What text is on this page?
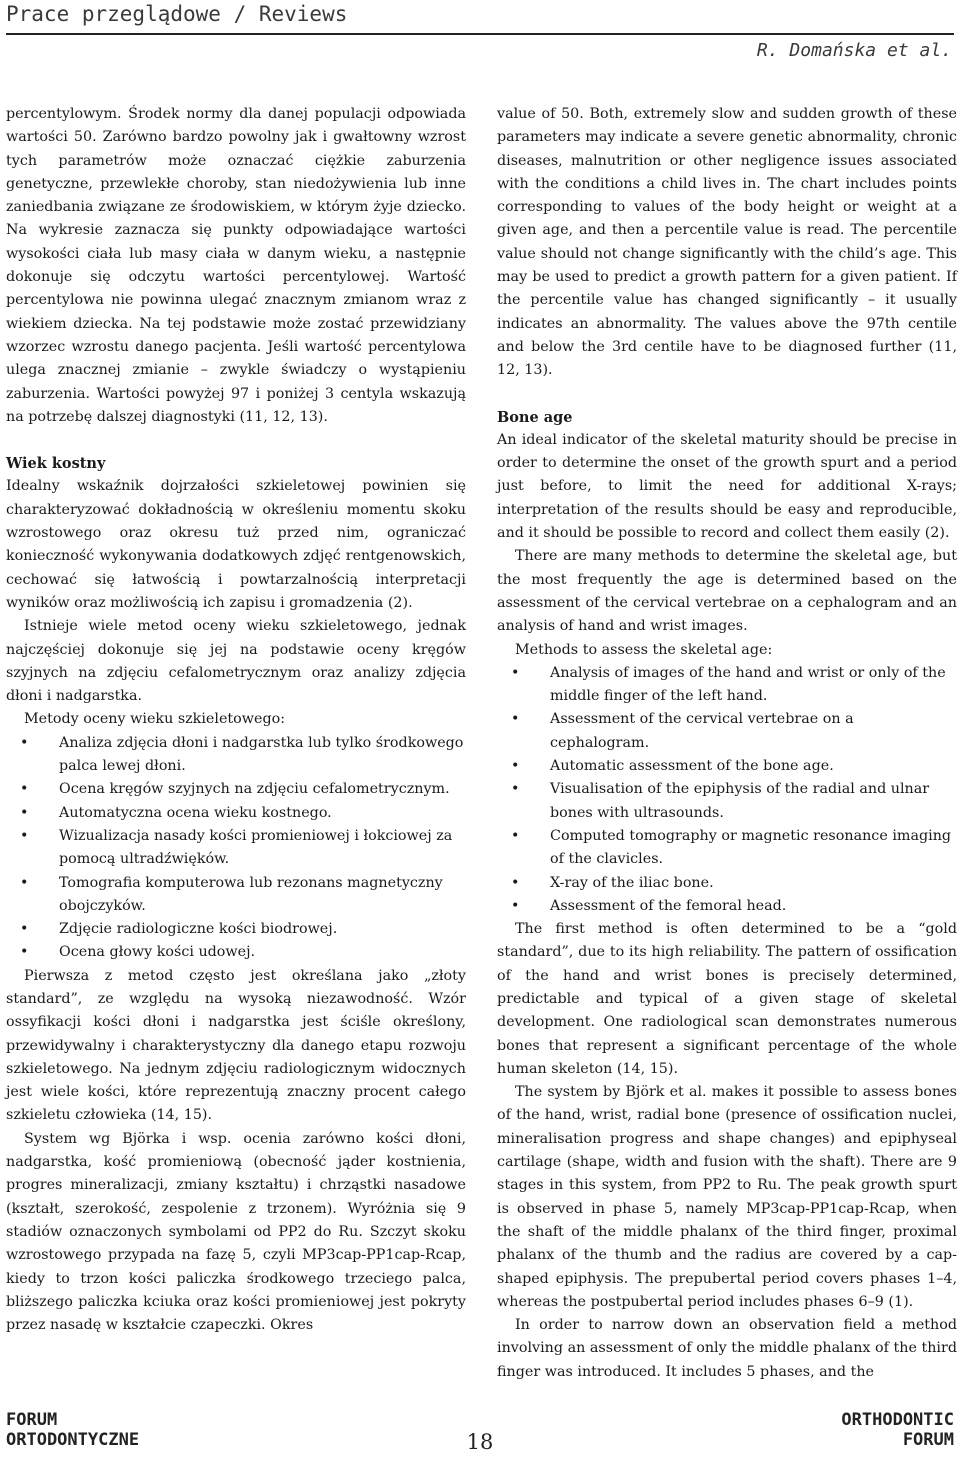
Prace przeglądowe / Reviews
R. Domańska et al.

percentylowym. Środek normy dla danej populacji odpowiada wartości 50. Zarówno bardzo powolny jak i gwałtowny wzrost tych parametrów może oznaczać ciężkie zaburzenia genetyczne, przewlekłe choroby, stan niedożywienia lub inne zaniedbania związane ze środowiskiem, w którym żyje dziecko. Na wykresie zaznacza się punkty odpowiadające wartości wysokości ciała lub masy ciała w danym wieku, a następnie dokonuje się odczytu wartości percentylowej. Wartość percentylowa nie powinna ulegać znacznym zmianom wraz z wiekiem dziecka. Na tej podstawie może zostać przewidziany wzorzec wzrostu danego pacjenta. Jeśli wartość percentylowa ulega znacznej zmianie – zwykle świadczy o wystąpieniu zaburzenia. Wartości powyżej 97 i poniżej 3 centyla wskazują na potrzebę dalszej diagnostyki (11, 12, 13).

Wiek kostny

Idealny wskaźnik dojrzałości szkieletowej powinien się charakteryzować dokładnością w określeniu momentu skoku wzrostowego oraz okresu tuż przed nim, ograniczać konieczność wykonywania dodatkowych zdjęć rentgenowskich, cechować się łatwością i powtarzalnością interpretacji wyników oraz możliwością ich zapisu i gromadzenia (2).

Istnieje wiele metod oceny wieku szkieletowego, jednak najczęściej dokonuje się jej na podstawie oceny kręgów szyjnych na zdjęciu cefalometrycznym oraz analizy zdjęcia dłoni i nadgarstka.

Metody oceny wieku szkieletowego:

• Analiza zdjęcia dłoni i nadgarstka lub tylko środkowego palca lewej dłoni.
• Ocena kręgów szyjnych na zdjęciu cefalometrycznym.
• Automatyczna ocena wieku kostnego.
• Wizualizacja nasady kości promieniowej i łokciowej za pomocą ultradźwięków.
• Tomografia komputerowa lub rezonans magnetyczny obojczyków.
• Zdjęcie radiologiczne kości biodrowej.
• Ocena głowy kości udowej.

Pierwsza z metod często jest określana jako „złoty standard”, ze względu na wysoką niezawodność. Wzór ossyfikacji kości dłoni i nadgarstka jest ściśle określony, przewidywalny i charakterystyczny dla danego etapu rozwoju szkieletowego. Na jednym zdjęciu radiologicznym widocznych jest wiele kości, które reprezentują znaczny procent całego szkieletu człowieka (14, 15).

System wg Björka i wsp. ocenia zarówno kości dłoni, nadgarstka, kość promieniową (obecność jąder kostnienia, progres mineralizacji, zmiany kształtu) i chrząstki nasadowe (kształt, szerokość, zespolenie z trzonem). Wyróżnia się 9 stadiów oznaczonych symbolami od PP2 do Ru. Szczyt skoku wzrostowego przypada na fazę 5, czyli MP3cap-PP1cap-Rcap, kiedy to trzon kości paliczka środkowego trzeciego palca, bliższego paliczka kciuka oraz kości promieniowej jest pokryty przez nasadę w kształcie czapeczki. Okres

value of 50. Both, extremely slow and sudden growth of these parameters may indicate a severe genetic abnormality, chronic diseases, malnutrition or other negligence issues associated with the conditions a child lives in. The chart includes points corresponding to values of the body height or weight at a given age, and then a percentile value is read. The percentile value should not change significantly with the child’s age. This may be used to predict a growth pattern for a given patient. If the percentile value has changed significantly – it usually indicates an abnormality. The values above the 97th centile and below the 3rd centile have to be diagnosed further (11, 12, 13).

Bone age

An ideal indicator of the skeletal maturity should be precise in order to determine the onset of the growth spurt and a period just before, to limit the need for additional X-rays; interpretation of the results should be easy and reproducible, and it should be possible to record and collect them easily (2).

There are many methods to determine the skeletal age, but the most frequently the age is determined based on the assessment of the cervical vertebrae on a cephalogram and an analysis of hand and wrist images.

Methods to assess the skeletal age:

• Analysis of images of the hand and wrist or only of the middle finger of the left hand.
• Assessment of the cervical vertebrae on a cephalogram.
• Automatic assessment of the bone age.
• Visualisation of the epiphysis of the radial and ulnar bones with ultrasounds.
• Computed tomography or magnetic resonance imaging of the clavicles.
• X-ray of the iliac bone.
• Assessment of the femoral head.

The first method is often determined to be a “gold standard”, due to its high reliability. The pattern of ossification of the hand and wrist bones is precisely determined, predictable and typical of a given stage of skeletal development. One radiological scan demonstrates numerous bones that represent a significant percentage of the whole human skeleton (14, 15).

The system by Björk et al. makes it possible to assess bones of the hand, wrist, radial bone (presence of ossification nuclei, mineralisation progress and shape changes) and epiphyseal cartilage (shape, width and fusion with the shaft). There are 9 stages in this system, from PP2 to Ru. The peak growth spurt is observed in phase 5, namely MP3cap-PP1cap-Rcap, when the shaft of the middle phalanx of the third finger, proximal phalanx of the thumb and the radius are covered by a cap-shaped epiphysis. The prepubertal period covers phases 1–4, whereas the postpubertal period includes phases 6–9 (1).

In order to narrow down an observation field a method involving an assessment of only the middle phalanx of the third finger was introduced. It includes 5 phases, and the

FORUM
ORTODONTYCZNE	18
ORTHODONTIC
FORUM
